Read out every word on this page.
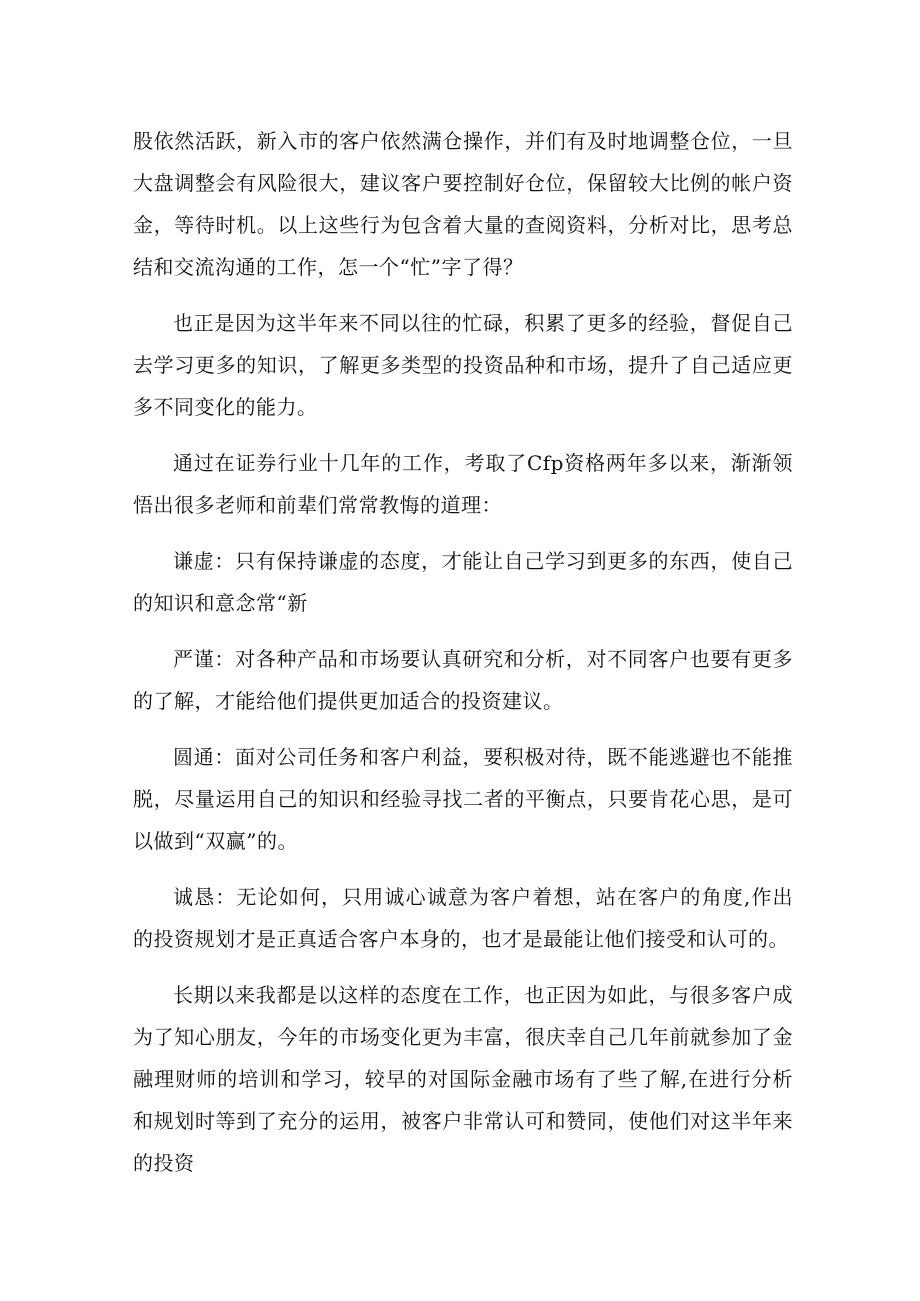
股依然活跃，新入市的客户依然满仓操作，并们有及时地调整仓位，一旦大盘调整会有风险很大，建议客户要控制好仓位，保留较大比例的帐户资金，等待时机。以上这些行为包含着大量的查阅资料，分析对比，思考总结和交流沟通的工作，怎一个“忙”字了得？

也正是因为这半年来不同以往的忙碌，积累了更多的经验，督促自己去学习更多的知识，了解更多类型的投资品种和市场，提升了自己适应更多不同变化的能力。

通过在证券行业十几年的工作，考取了Cfp资格两年多以来，渐渐领悟出很多老师和前辈们常常教悔的道理：

谦虚：只有保持谦虚的态度，才能让自己学习到更多的东西，使自己的知识和意念常“新

严谨：对各种产品和市场要认真研究和分析，对不同客户也要有更多的了解，才能给他们提供更加适合的投资建议。

圆通：面对公司任务和客户利益，要积极对待，既不能逃避也不能推脱，尽量运用自己的知识和经验寻找二者的平衡点，只要肯花心思，是可以做到“双赢”的。

诚恳：无论如何，只用诚心诚意为客户着想，站在客户的角度,作出的投资规划才是正真适合客户本身的，也才是最能让他们接受和认可的。

长期以来我都是以这样的态度在工作，也正因为如此，与很多客户成为了知心朋友，今年的市场变化更为丰富，很庆幸自己几年前就参加了金融理财师的培训和学习，较早的对国际金融市场有了些了解,在进行分析和规划时等到了充分的运用，被客户非常认可和赞同，使他们对这半年来的投资
